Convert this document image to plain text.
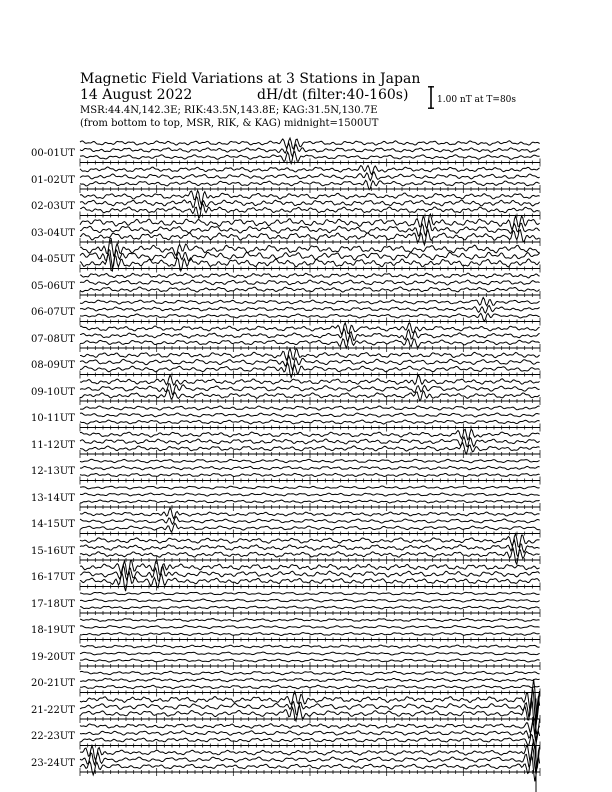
Magnetic Field Variations at 3 Stations in Japan
14 August 2022	dH/dt (filter:40-160s)
MSR:44.4N,142.3E; RIK:43.5N,143.8E; KAG:31.5N,130.7E
(from bottom to top, MSR, RIK, & KAG) midnight=1500UT
1.00 nT at T=80s
00-01UT
01-02UT
02-03UT
03-04UT
04-05UT
05-06UT
06-07UT
07-08UT
08-09UT
09-10UT
10-11UT
11-12UT
12-13UT
13-14UT
14-15UT
15-16UT
16-17UT
17-18UT
18-19UT
19-20UT
20-21UT
21-22UT
22-23UT
23-24UT
